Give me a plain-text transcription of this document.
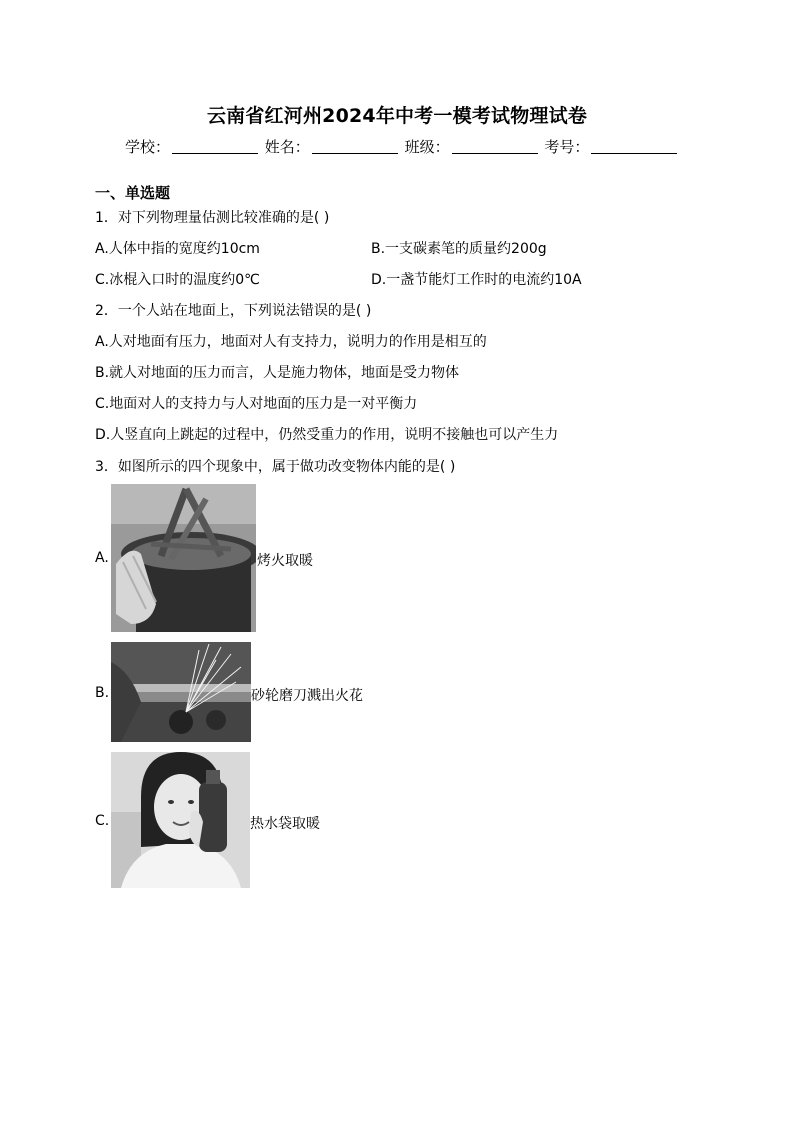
云南省红河州2024年中考一模考试物理试卷
学校：	姓名：	班级：	考号：
一、单选题
1．对下列物理量估测比较准确的是( )
A.人体中指的宽度约10cm	B.一支碳素笔的质量约200g
C.冰棍入口时的温度约0℃	D.一盏节能灯工作时的电流约10A
2．一个人站在地面上，下列说法错误的是( )
A.人对地面有压力，地面对人有支持力，说明力的作用是相互的
B.就人对地面的压力而言，人是施力物体，地面是受力物体
C.地面对人的支持力与人对地面的压力是一对平衡力
D.人竖直向上跳起的过程中，仍然受重力的作用，说明不接触也可以产生力
3．如图所示的四个现象中，属于做功改变物体内能的是( )
A.	烤火取暖
B.	砂轮磨刀溅出火花
C.	热水袋取暖
